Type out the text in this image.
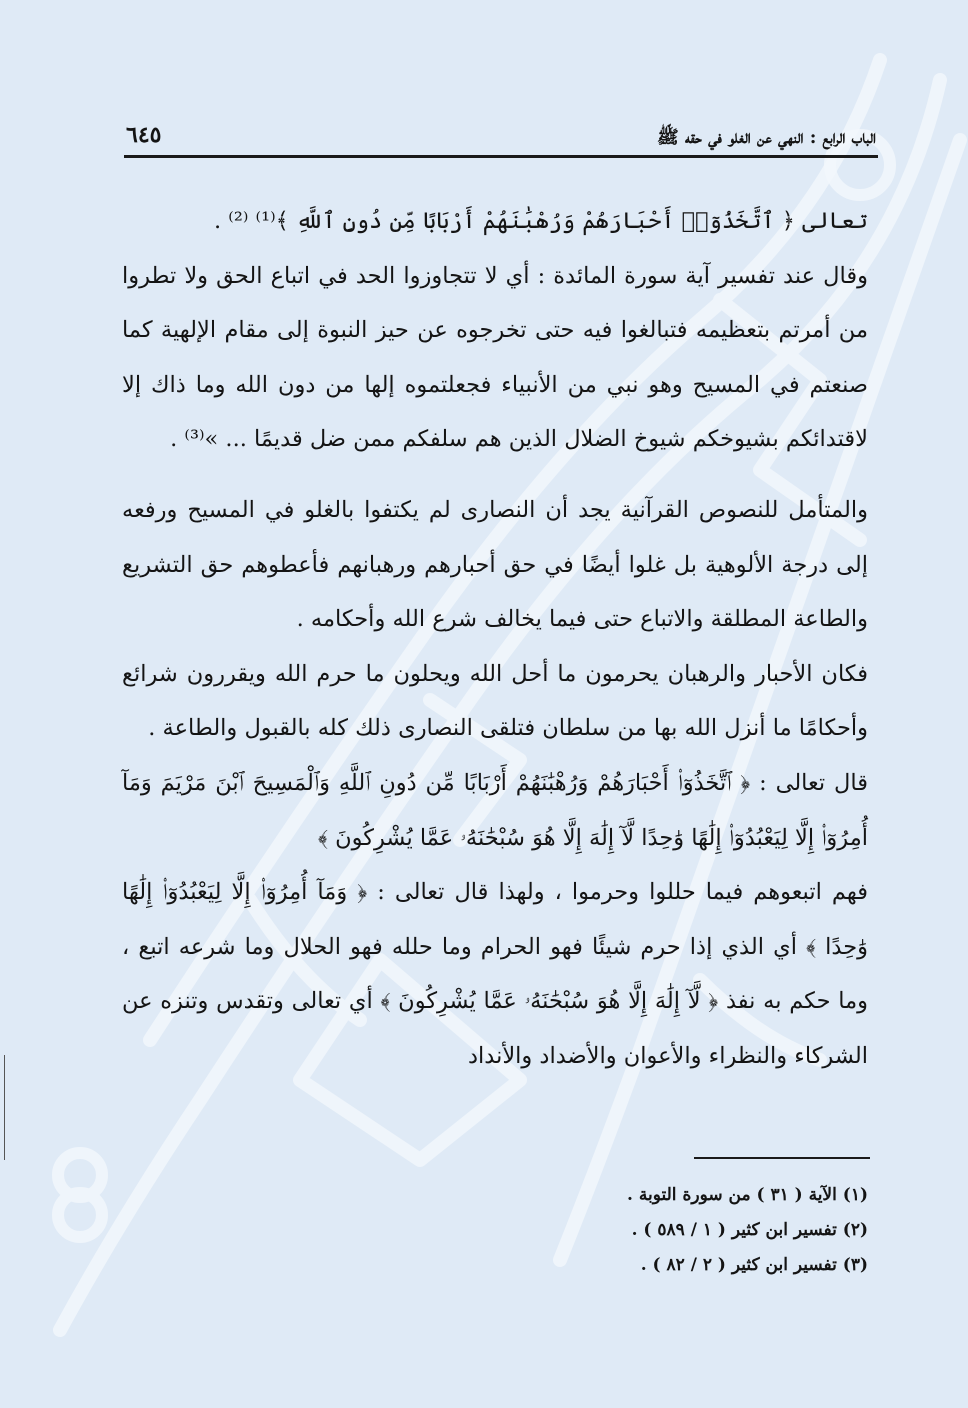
الباب الرابع : النهي عن الغلو في حقه ﷺ
٦٤٥

تعالى ﴿ ٱتَّخَذُوٓا۟ أَحْبَارَهُمْ وَرُهْبَٰنَهُمْ أَرْبَابًا مِّن دُونِ ٱللَّهِ ﴾⁽¹⁾ ⁽²⁾ .

وقال عند تفسير آية سورة المائدة : أي لا تتجاوزوا الحد في اتباع الحق ولا تطروا من أمرتم بتعظيمه فتبالغوا فيه حتى تخرجوه عن حيز النبوة إلى مقام الإلهية كما صنعتم في المسيح وهو نبي من الأنبياء فجعلتموه إلها من دون الله وما ذاك إلا لاقتدائكم بشيوخكم شيوخ الضلال الذين هم سلفكم ممن ضل قديمًا ... »⁽³⁾ .

والمتأمل للنصوص القرآنية يجد أن النصارى لم يكتفوا بالغلو في المسيح ورفعه إلى درجة الألوهية بل غلوا أيضًا في حق أحبارهم ورهبانهم فأعطوهم حق التشريع والطاعة المطلقة والاتباع حتى فيما يخالف شرع الله وأحكامه .

فكان الأحبار والرهبان يحرمون ما أحل الله ويحلون ما حرم الله ويقررون شرائع وأحكامًا ما أنزل الله بها من سلطان فتلقى النصارى ذلك كله بالقبول والطاعة .

قال تعالى : ﴿ ٱتَّخَذُوٓا۟ أَحْبَارَهُمْ وَرُهْبَٰنَهُمْ أَرْبَابًا مِّن دُونِ ٱللَّهِ وَٱلْمَسِيحَ ٱبْنَ مَرْيَمَ وَمَآ أُمِرُوٓا۟ إِلَّا لِيَعْبُدُوٓا۟ إِلَٰهًا وَٰحِدًا لَّآ إِلَٰهَ إِلَّا هُوَ سُبْحَٰنَهُۥ عَمَّا يُشْرِكُونَ ﴾

فهم اتبعوهم فيما حللوا وحرموا ، ولهذا قال تعالى : ﴿ وَمَآ أُمِرُوٓا۟ إِلَّا لِيَعْبُدُوٓا۟ إِلَٰهًا وَٰحِدًا ﴾ أي الذي إذا حرم شيئًا فهو الحرام وما حلله فهو الحلال وما شرعه اتبع ، وما حكم به نفذ ﴿ لَّآ إِلَٰهَ إِلَّا هُوَ سُبْحَٰنَهُۥ عَمَّا يُشْرِكُونَ ﴾ أي تعالى وتقدس وتنزه عن الشركاء والنظراء والأعوان والأضداد والأنداد

(١) الآية ( ٣١ ) من سورة التوبة .

(٢) تفسير ابن كثير ( ١ / ٥٨٩ ) .

(٣) تفسير ابن كثير ( ٢ / ٨٢ ) .
